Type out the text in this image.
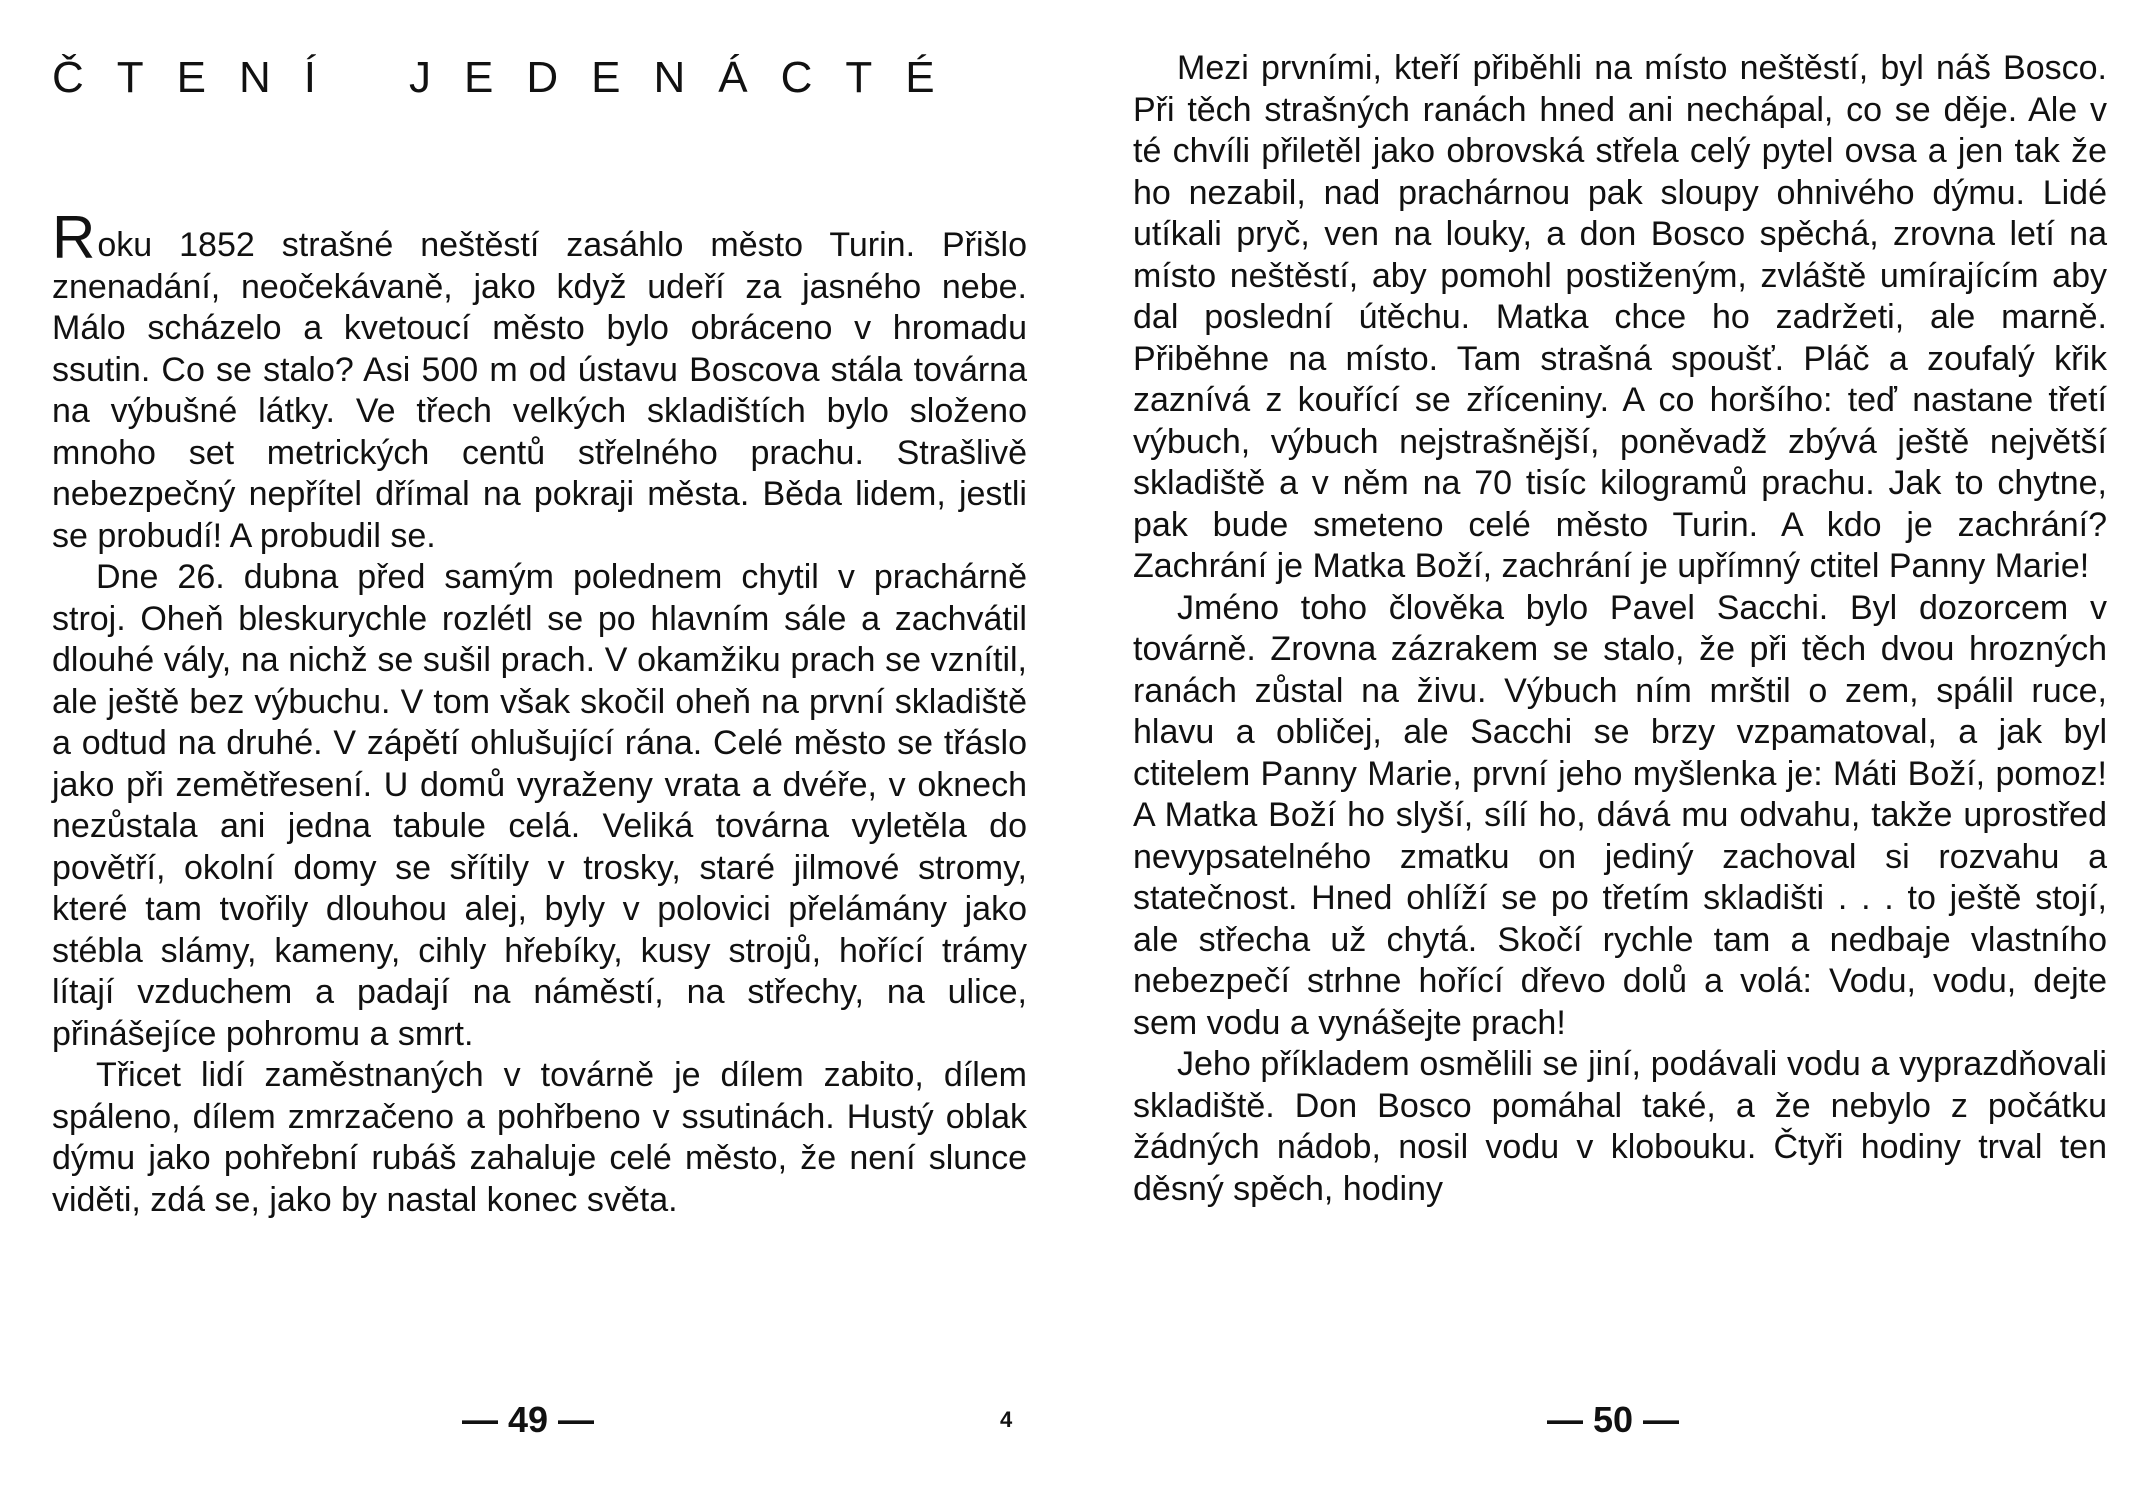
ČTENÍ JEDENÁCTÉ

Roku 1852 strašné neštěstí zasáhlo město Turin. Přišlo znenadání, neočekávaně, jako když udeří za jasného nebe. Málo scházelo a kvetoucí město bylo obráceno v hromadu ssutin. Co se stalo? Asi 500 m od ústavu Boscova stála továrna na výbušné látky. Ve třech velkých skladištích bylo složeno mnoho set metrických centů střelného prachu. Strašlivě nebezpečný nepřítel dřímal na pokraji města. Běda lidem, jestli se probudí! A probudil se.

Dne 26. dubna před samým polednem chytil v prachárně stroj. Oheň bleskurychle rozlétl se po hlavním sále a zachvátil dlouhé vály, na nichž se sušil prach. V okamžiku prach se vznítil, ale ještě bez výbuchu. V tom však skočil oheň na první skladiště a odtud na druhé. V zápětí ohlušující rána. Celé město se třáslo jako při zemětřesení. U domů vyraženy vrata a dvéře, v oknech nezůstala ani jedna tabule celá. Veliká továrna vyletěla do povětří, okolní domy se sřítily v trosky, staré jilmové stromy, které tam tvořily dlouhou alej, byly v polovici přelámány jako stébla slámy, kameny, cihly hřebíky, kusy strojů, hořící trámy lítají vzduchem a padají na náměstí, na střechy, na ulice, přinášejíce pohromu a smrt.

Třicet lidí zaměstnaných v továrně je dílem zabito, dílem spáleno, dílem zmrzačeno a pohřbeno v ssutinách. Hustý oblak dýmu jako pohřební rubáš zahaluje celé město, že není slunce viděti, zdá se, jako by nastal konec světa.

— 49 —	4

Mezi prvními, kteří přiběhli na místo neštěstí, byl náš Bosco. Při těch strašných ranách hned ani nechápal, co se děje. Ale v té chvíli přiletěl jako obrovská střela celý pytel ovsa a jen tak že ho nezabil, nad prachárnou pak sloupy ohnivého dýmu. Lidé utíkali pryč, ven na louky, a don Bosco spěchá, zrovna letí na místo neštěstí, aby pomohl postiženým, zvláště umírajícím aby dal poslední útěchu. Matka chce ho zadržeti, ale marně. Přiběhne na místo. Tam strašná spoušť. Pláč a zoufalý křik zaznívá z kouřící se zříceniny. A co horšího: teď nastane třetí výbuch, výbuch nejstrašnější, poněvadž zbývá ještě největší skladiště a v něm na 70 tisíc kilogramů prachu. Jak to chytne, pak bude smeteno celé město Turin. A kdo je zachrání? Zachrání je Matka Boží, zachrání je upřímný ctitel Panny Marie!

Jméno toho člověka bylo Pavel Sacchi. Byl dozorcem v továrně. Zrovna zázrakem se stalo, že při těch dvou hrozných ranách zůstal na živu. Výbuch ním mrštil o zem, spálil ruce, hlavu a obličej, ale Sacchi se brzy vzpamatoval, a jak byl ctitelem Panny Marie, první jeho myšlenka je: Máti Boží, pomoz! A Matka Boží ho slyší, sílí ho, dává mu odvahu, takže uprostřed nevypsatelného zmatku on jediný zachoval si rozvahu a statečnost. Hned ohlíží se po třetím skladišti . . . to ještě stojí, ale střecha už chytá. Skočí rychle tam a nedbaje vlastního nebezpečí strhne hořící dřevo dolů a volá: Vodu, vodu, dejte sem vodu a vynášejte prach!

Jeho příkladem osmělili se jiní, podávali vodu a vyprazdňovali skladiště. Don Bosco pomáhal také, a že nebylo z počátku žádných nádob, nosil vodu v klobouku. Čtyři hodiny trval ten děsný spěch, hodiny

— 50 —
